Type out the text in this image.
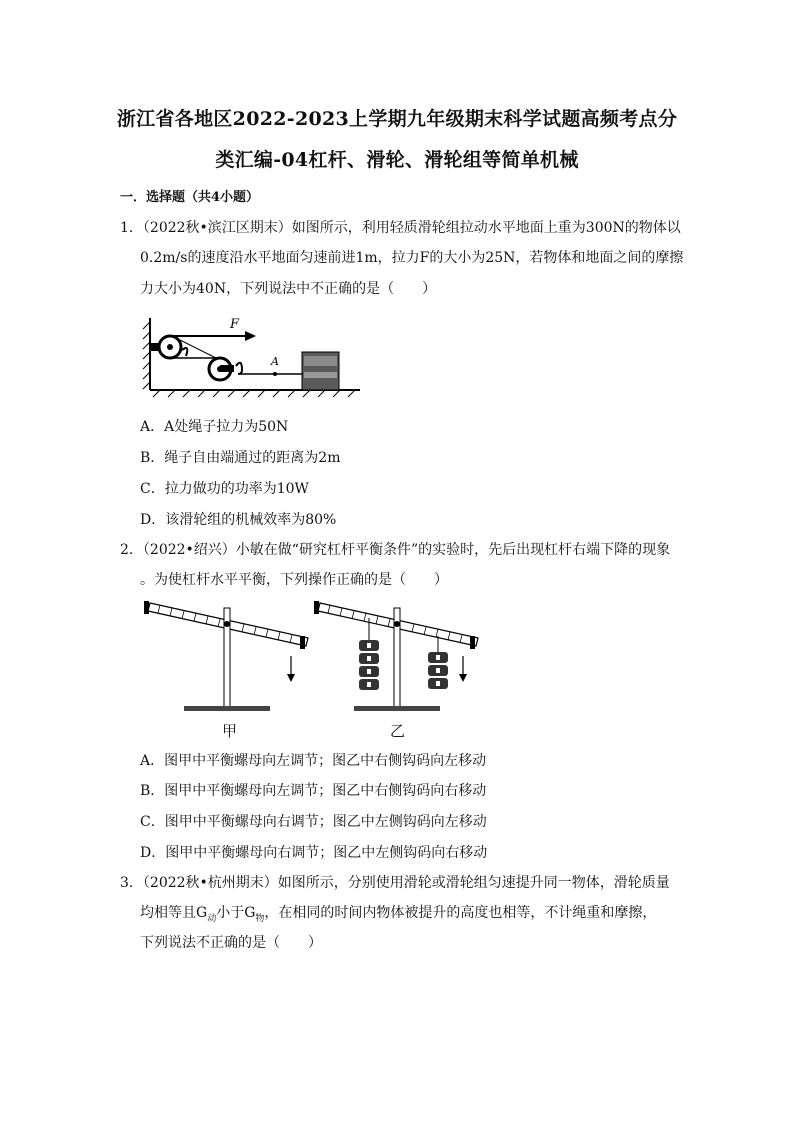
浙江省各地区2022-2023上学期九年级期末科学试题高频考点分
类汇编-04杠杆、滑轮、滑轮组等简单机械
一．选择题（共4小题）
1．（2022秋•滨江区期末）如图所示，利用轻质滑轮组拉动水平地面上重为300N的物体以
0.2m/s的速度沿水平地面匀速前进1m，拉力F的大小为25N，若物体和地面之间的摩擦
力大小为40N，下列说法中不正确的是（　　）
F
A
A．A处绳子拉力为50N
B．绳子自由端通过的距离为2m
C．拉力做功的功率为10W
D．该滑轮组的机械效率为80%
2．（2022•绍兴）小敏在做“研究杠杆平衡条件”的实验时，先后出现杠杆右端下降的现象
。为使杠杆水平平衡，下列操作正确的是（　　）
甲	乙
A．图甲中平衡螺母向左调节；图乙中右侧钩码向左移动
B．图甲中平衡螺母向左调节；图乙中右侧钩码向右移动
C．图甲中平衡螺母向右调节；图乙中左侧钩码向左移动
D．图甲中平衡螺母向右调节；图乙中左侧钩码向右移动
3．（2022秋•杭州期末）如图所示，分别使用滑轮或滑轮组匀速提升同一物体，滑轮质量
均相等且$G_动$小于$G_物$，在相同的时间内物体被提升的高度也相等，不计绳重和摩擦，
下列说法不正确的是（　　）
